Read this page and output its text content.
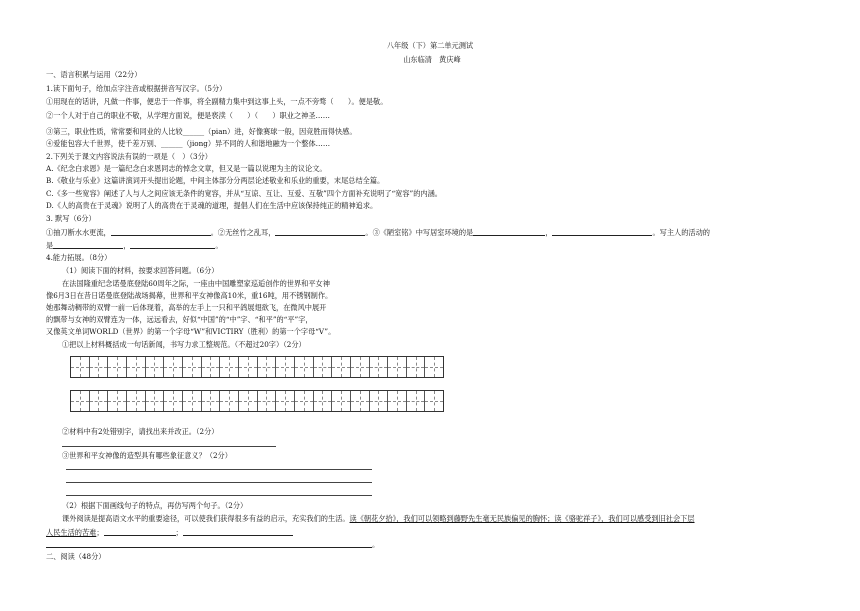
八年级（下）第二单元测试
山东临清　黄庆峰
一、语言积累与运用（22分）
1.读下面句子，给加点字注音或根据拼音写汉字。（5分）
①用现在的话讲，凡做一件事，便忠于一件事，将全副精力集中到这事上头，一点不旁骛（　　）。便是敬。
②一个人对于自己的职业不敬，从学理方面说，便是亵渎（　　）（　　）职业之神圣……
③第三，职业性质，常常要和同业的人比较______（pian）进，好像赛球一般，因竞胜而得快感。
④爱能包容大千世界，使千差万别、______（jiong）异不同的人和谐地融为一个整体……
2.下列关于课文内容说法有误的一项是（　）（3分）
A.《纪念白求恩》是一篇纪念白求恩同志的悼念文章，但又是一篇以说理为主的议论文。
B.《敬业与乐业》这篇讲演词开头提出论题，中间主体部分分两层论述敬业和乐业的重要，末尾总结全篇。
C.《多一些宽容》阐述了人与人之间应该无条件的宽容，并从“互谅、互让、互爱、互敬”四个方面补充说明了“宽容”的内涵。
D.《人的高贵在于灵魂》说明了人的高贵在于灵魂的道理，提倡人们在生活中应该保持纯正的精神追求。
3. 默写（6分）
①抽刀断水水更流，	。②无丝竹之乱耳，	。③《陋室铭》中写居室环境的是	，	。写主人的活动的
是	，	。
4.能力拓展。（8分）
（1）阅读下面的材料，按要求回答问题。（6分）
在法国隆重纪念诺曼底登陆60周年之际，一座由中国雕塑家巡逅创作的世界和平女神
像6月3日在昔日诺曼底登陆战场揭幕，世界和平女神像高10米，重16吨，用不锈钢制作。
她那舞动稠带的双臂一前一后体现着，高举的左手上一只和平鸽展翅欲飞，在微风中展开
的飘带与女神的双臂连为一体，远远看去，好似“中国”的“中”字、“和平”的“平”字，
又像英文单词WORLD（世界）的第一个字母“W”和VICTIRY（胜利）的第一个字母“V”。
①把以上材料概括成一句话新闻，书写力求工整规范。（不超过20字）（2分）
②材料中有2处错别字，请找出来并改正。（2分）
③世界和平女神像的造型具有哪些象征意义？（2分）
（2）根据下面画线句子的特点，再仿写两个句子。（2分）
课外阅读是提高语文水平的重要途径，可以使我们获得很多有益的启示，充实我们的生活。读《朝花夕拾》，我们可以领略到藤野先生毫无民族偏见的胸怀；读《骆驼祥子》，我们可以感受到旧社会下层
人民生活的苦难；	；
。
二、阅读（48分）
